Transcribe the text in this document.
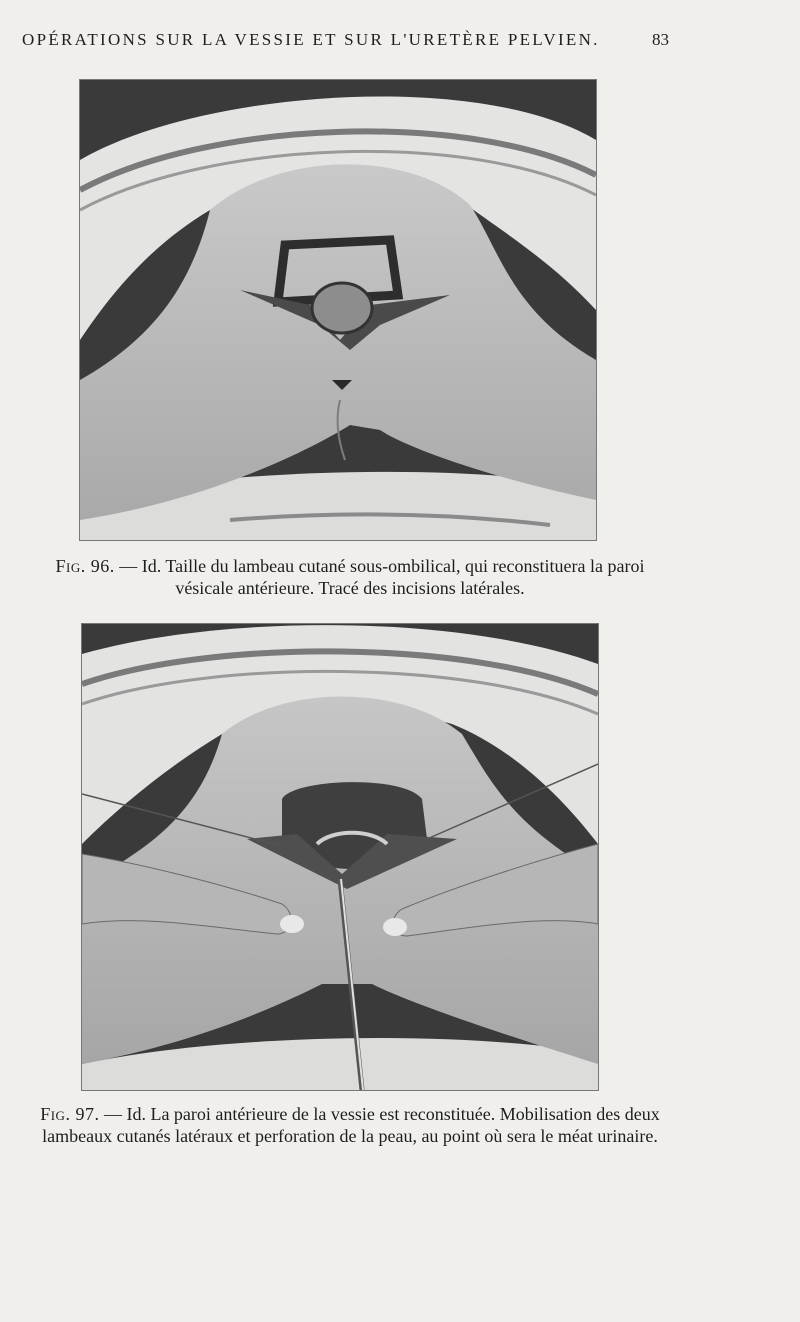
OPÉRATIONS SUR LA VESSIE ET SUR L'URETÈRE PELVIEN.	83
Fig. 96. — Id. Taille du lambeau cutané sous-ombilical, qui reconstituera la paroi vésicale antérieure. Tracé des incisions latérales.
Fig. 97. — Id. La paroi antérieure de la vessie est reconstituée. Mobilisation des deux lambeaux cutanés latéraux et perforation de la peau, au point où sera le méat urinaire.
